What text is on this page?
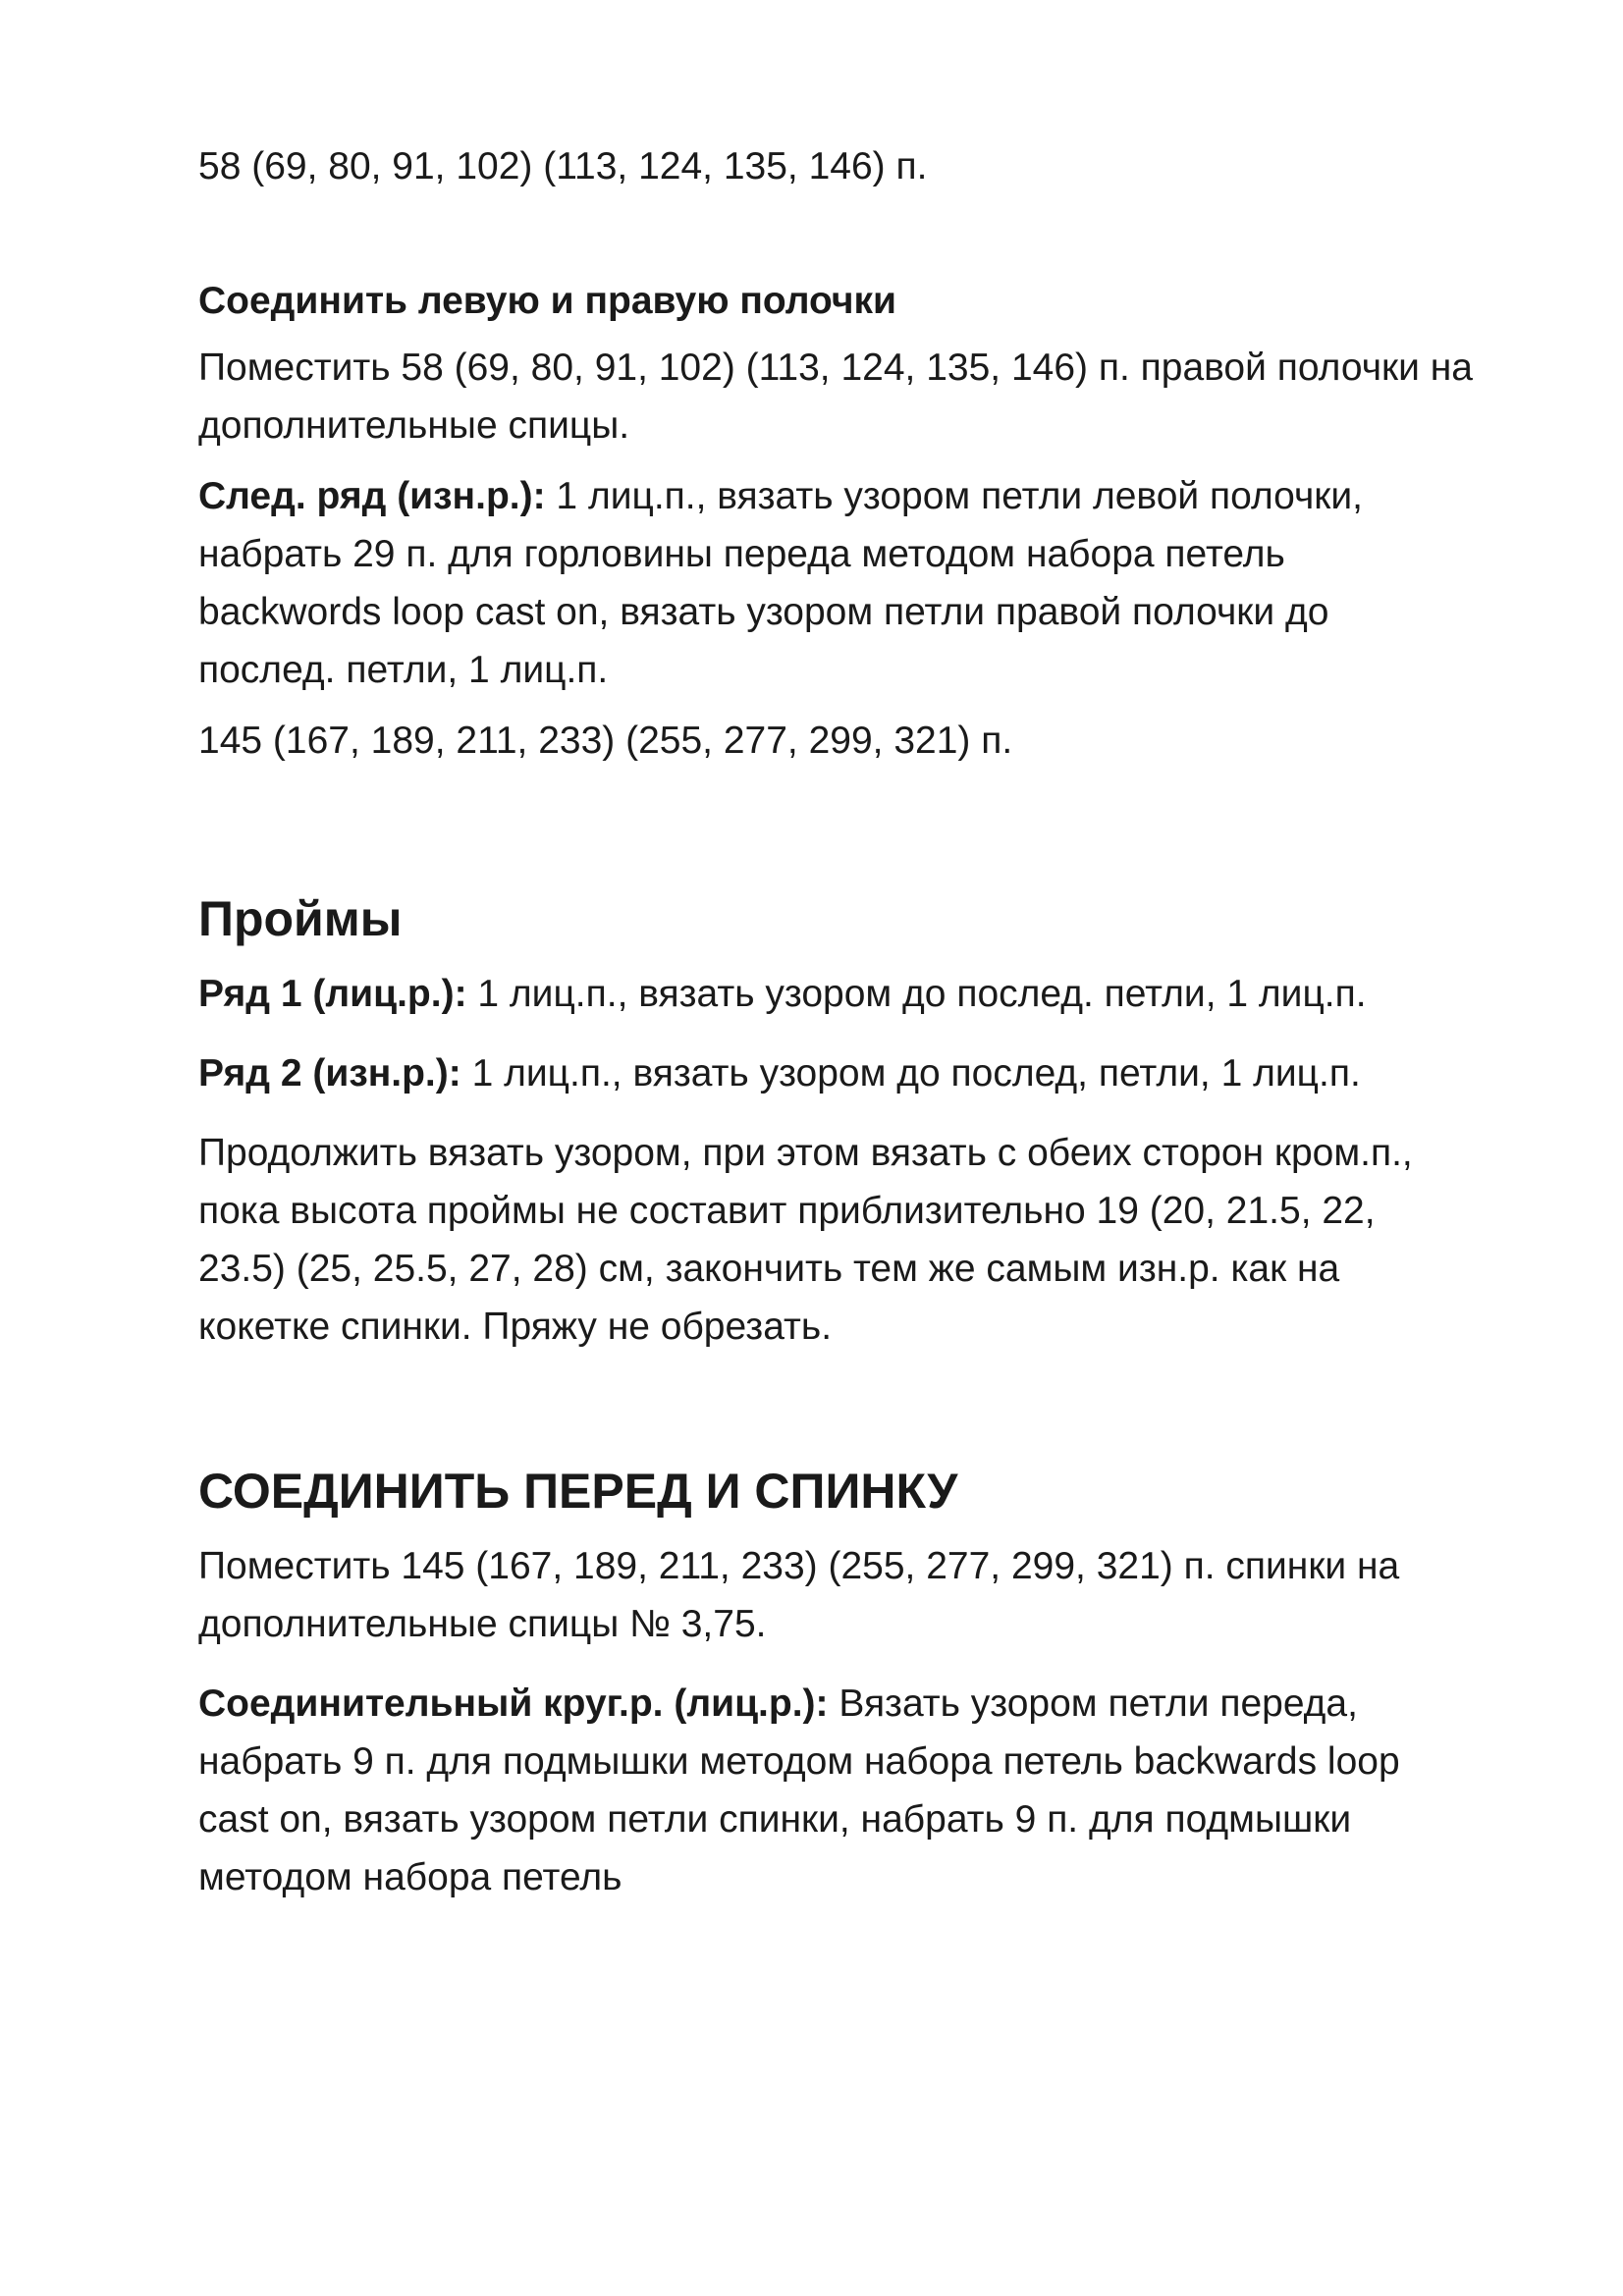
58 (69, 80, 91, 102) (113, 124, 135, 146) п.

Соединить левую и правую полочки

Поместить 58 (69, 80, 91, 102) (113, 124, 135, 146) п. правой полочки на дополнительные спицы.

След. ряд (изн.р.): 1 лиц.п., вязать узором петли левой полочки, набрать 29 п. для горловины переда методом набора петель backwords loop cast on, вязать узором петли правой полочки до послед. петли, 1 лиц.п.

145 (167, 189, 211, 233) (255, 277, 299, 321) п.

Проймы

Ряд 1 (лиц.р.): 1 лиц.п., вязать узором до послед. петли, 1 лиц.п.

Ряд 2 (изн.р.): 1 лиц.п., вязать узором до послед, петли, 1 лиц.п.

Продолжить вязать узором, при этом вязать с обеих сторон кром.п., пока высота проймы не составит приблизительно 19 (20, 21.5, 22, 23.5) (25, 25.5, 27, 28) см, закончить тем же самым изн.р. как на кокетке спинки. Пряжу не обрезать.

СОЕДИНИТЬ ПЕРЕД И СПИНКУ

Поместить 145 (167, 189, 211, 233) (255, 277, 299, 321) п. спинки на дополнительные спицы № 3,75.

Соединительный круг.р. (лиц.р.): Вязать узором петли переда, набрать 9 п. для подмышки методом набора петель backwards loop cast on, вязать узором петли спинки, набрать 9 п. для подмышки методом набора петель
